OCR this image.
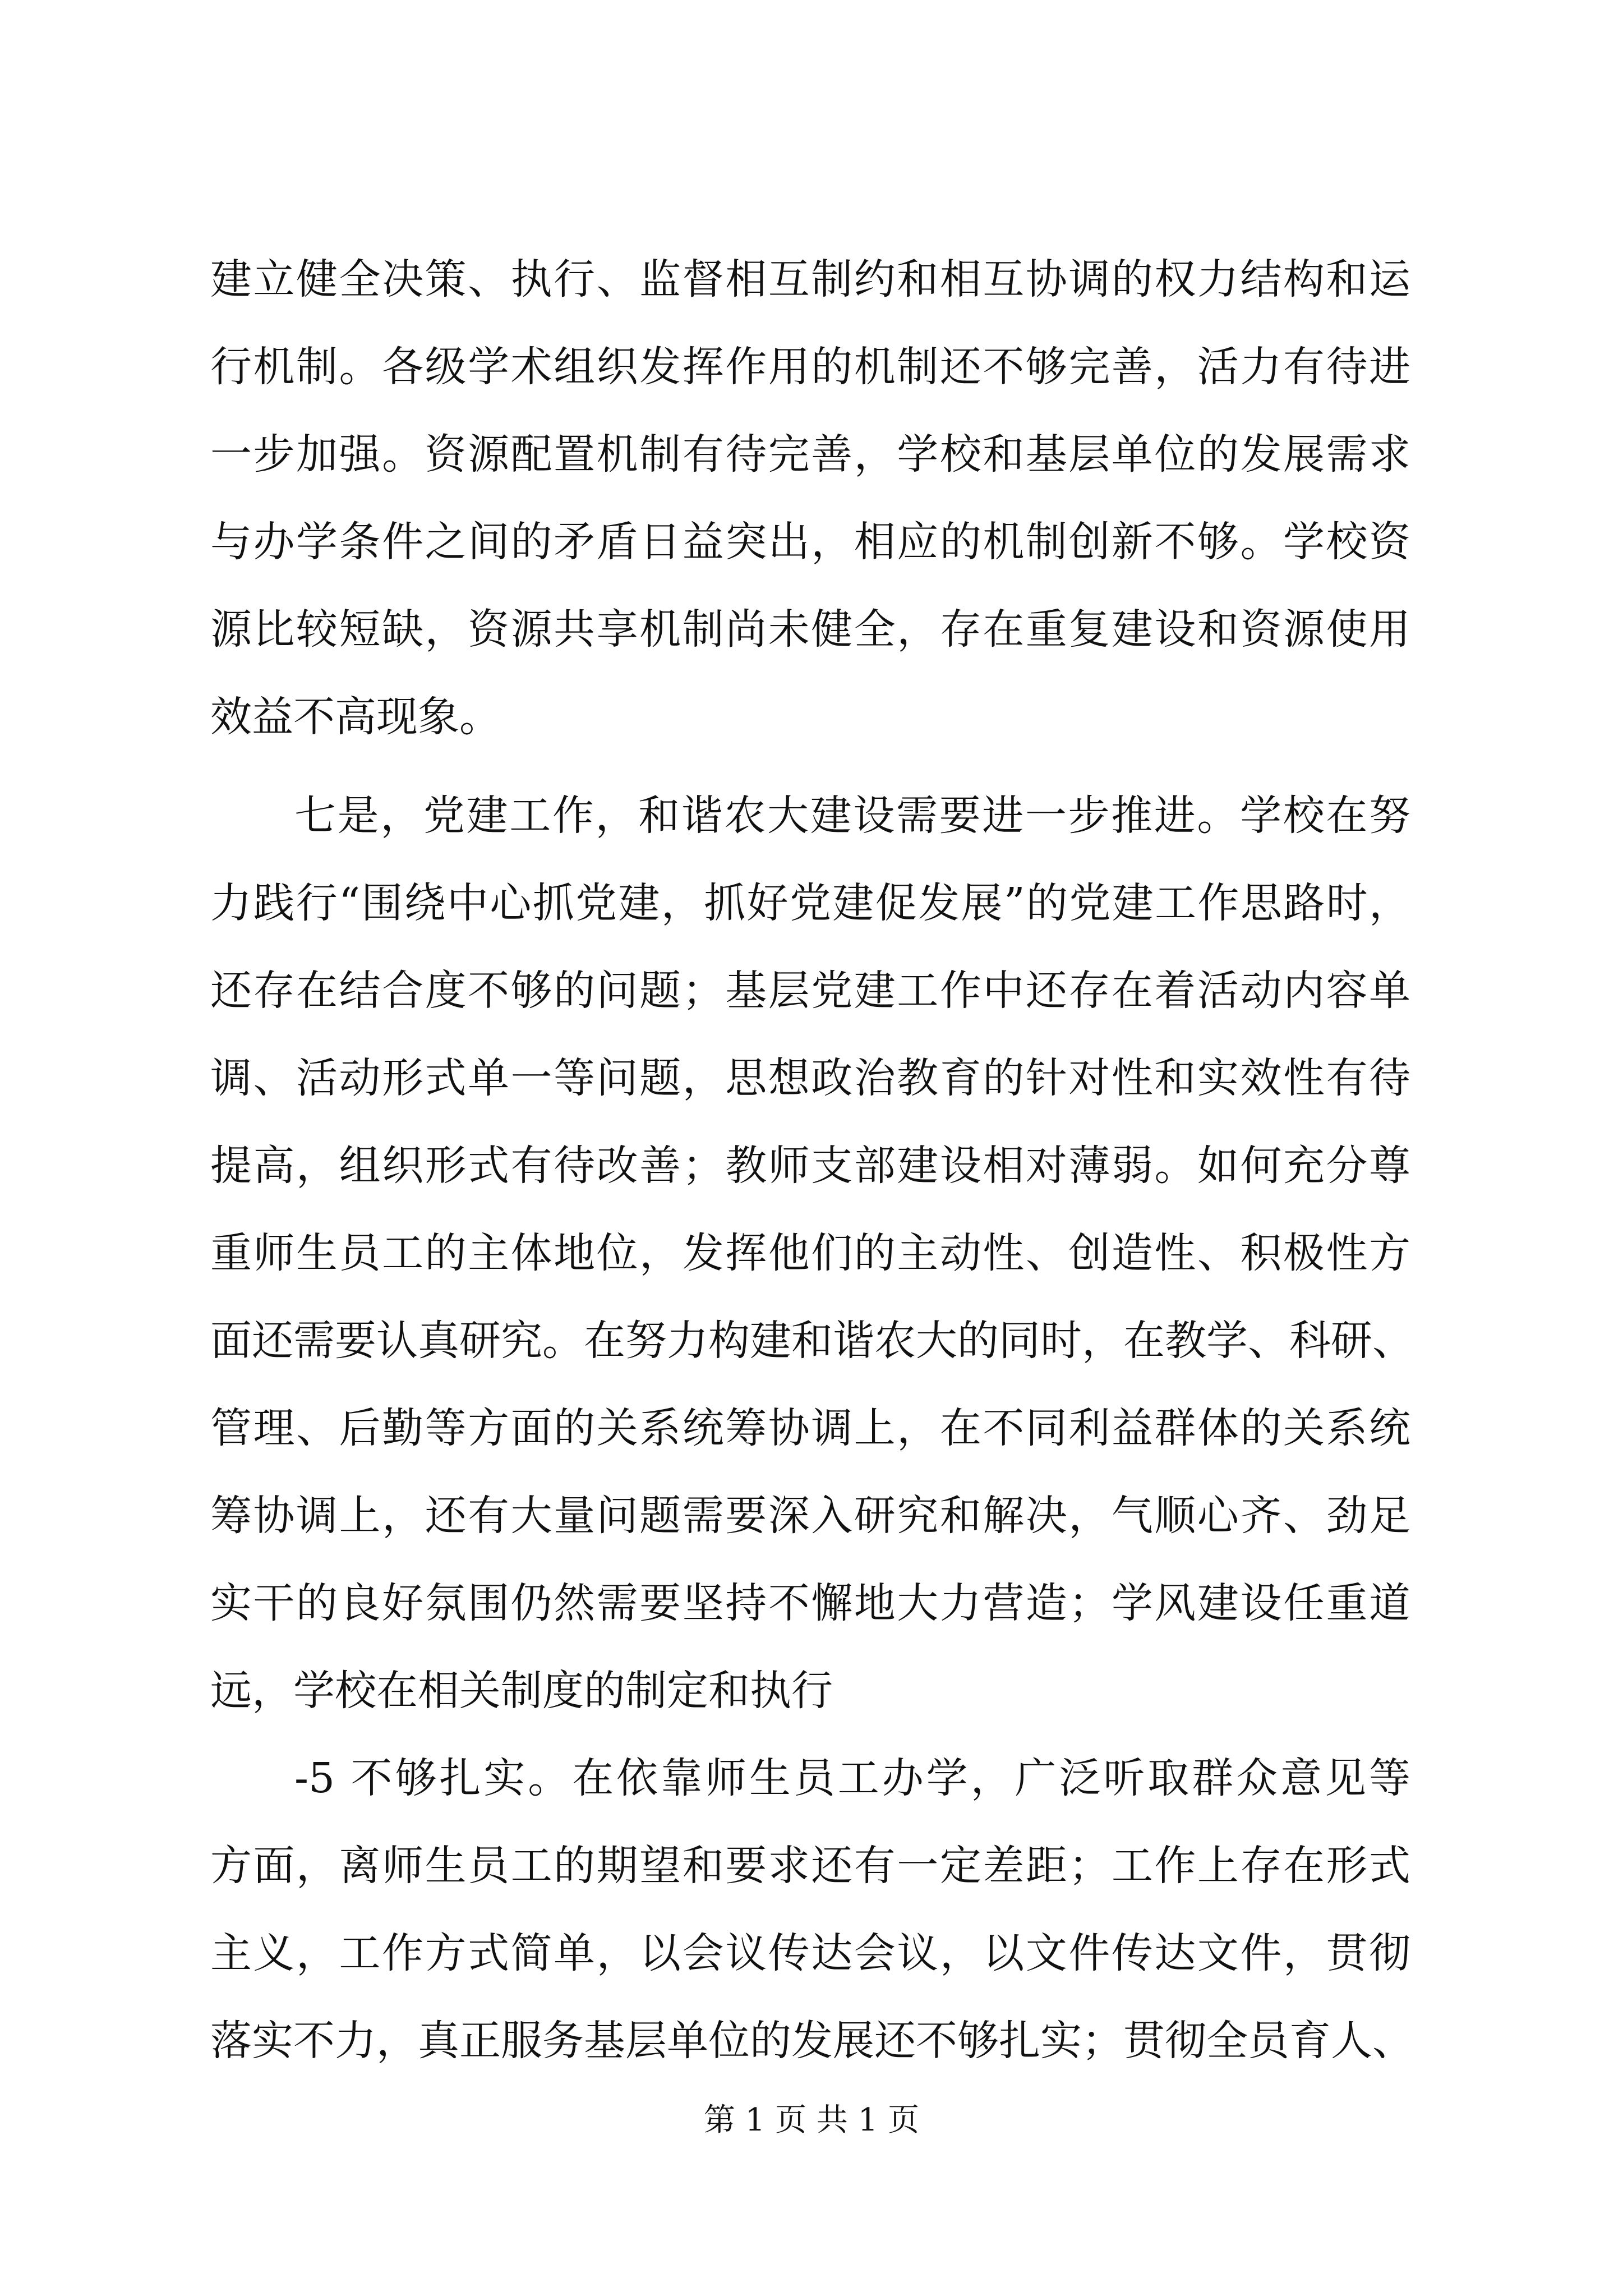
建立健全决策、执行、监督相互制约和相互协调的权力结构和运
行机制。各级学术组织发挥作用的机制还不够完善，活力有待进
一步加强。资源配置机制有待完善，学校和基层单位的发展需求
与办学条件之间的矛盾日益突出，相应的机制创新不够。学校资
源比较短缺，资源共享机制尚未健全，存在重复建设和资源使用
效益不高现象。
七是，党建工作，和谐农大建设需要进一步推进。学校在努
力践行“围绕中心抓党建，抓好党建促发展”的党建工作思路时，
还存在结合度不够的问题；基层党建工作中还存在着活动内容单
调、活动形式单一等问题，思想政治教育的针对性和实效性有待
提高，组织形式有待改善；教师支部建设相对薄弱。如何充分尊
重师生员工的主体地位，发挥他们的主动性、创造性、积极性方
面还需要认真研究。在努力构建和谐农大的同时，在教学、科研、
管理、后勤等方面的关系统筹协调上，在不同利益群体的关系统
筹协调上，还有大量问题需要深入研究和解决，气顺心齐、劲足
实干的良好氛围仍然需要坚持不懈地大力营造；学风建设任重道
远，学校在相关制度的制定和执行
-5 不够扎实。在依靠师生员工办学，广泛听取群众意见等
方面，离师生员工的期望和要求还有一定差距；工作上存在形式
主义，工作方式简单，以会议传达会议，以文件传达文件，贯彻
落实不力，真正服务基层单位的发展还不够扎实；贯彻全员育人、
第 1 页 共 1 页
